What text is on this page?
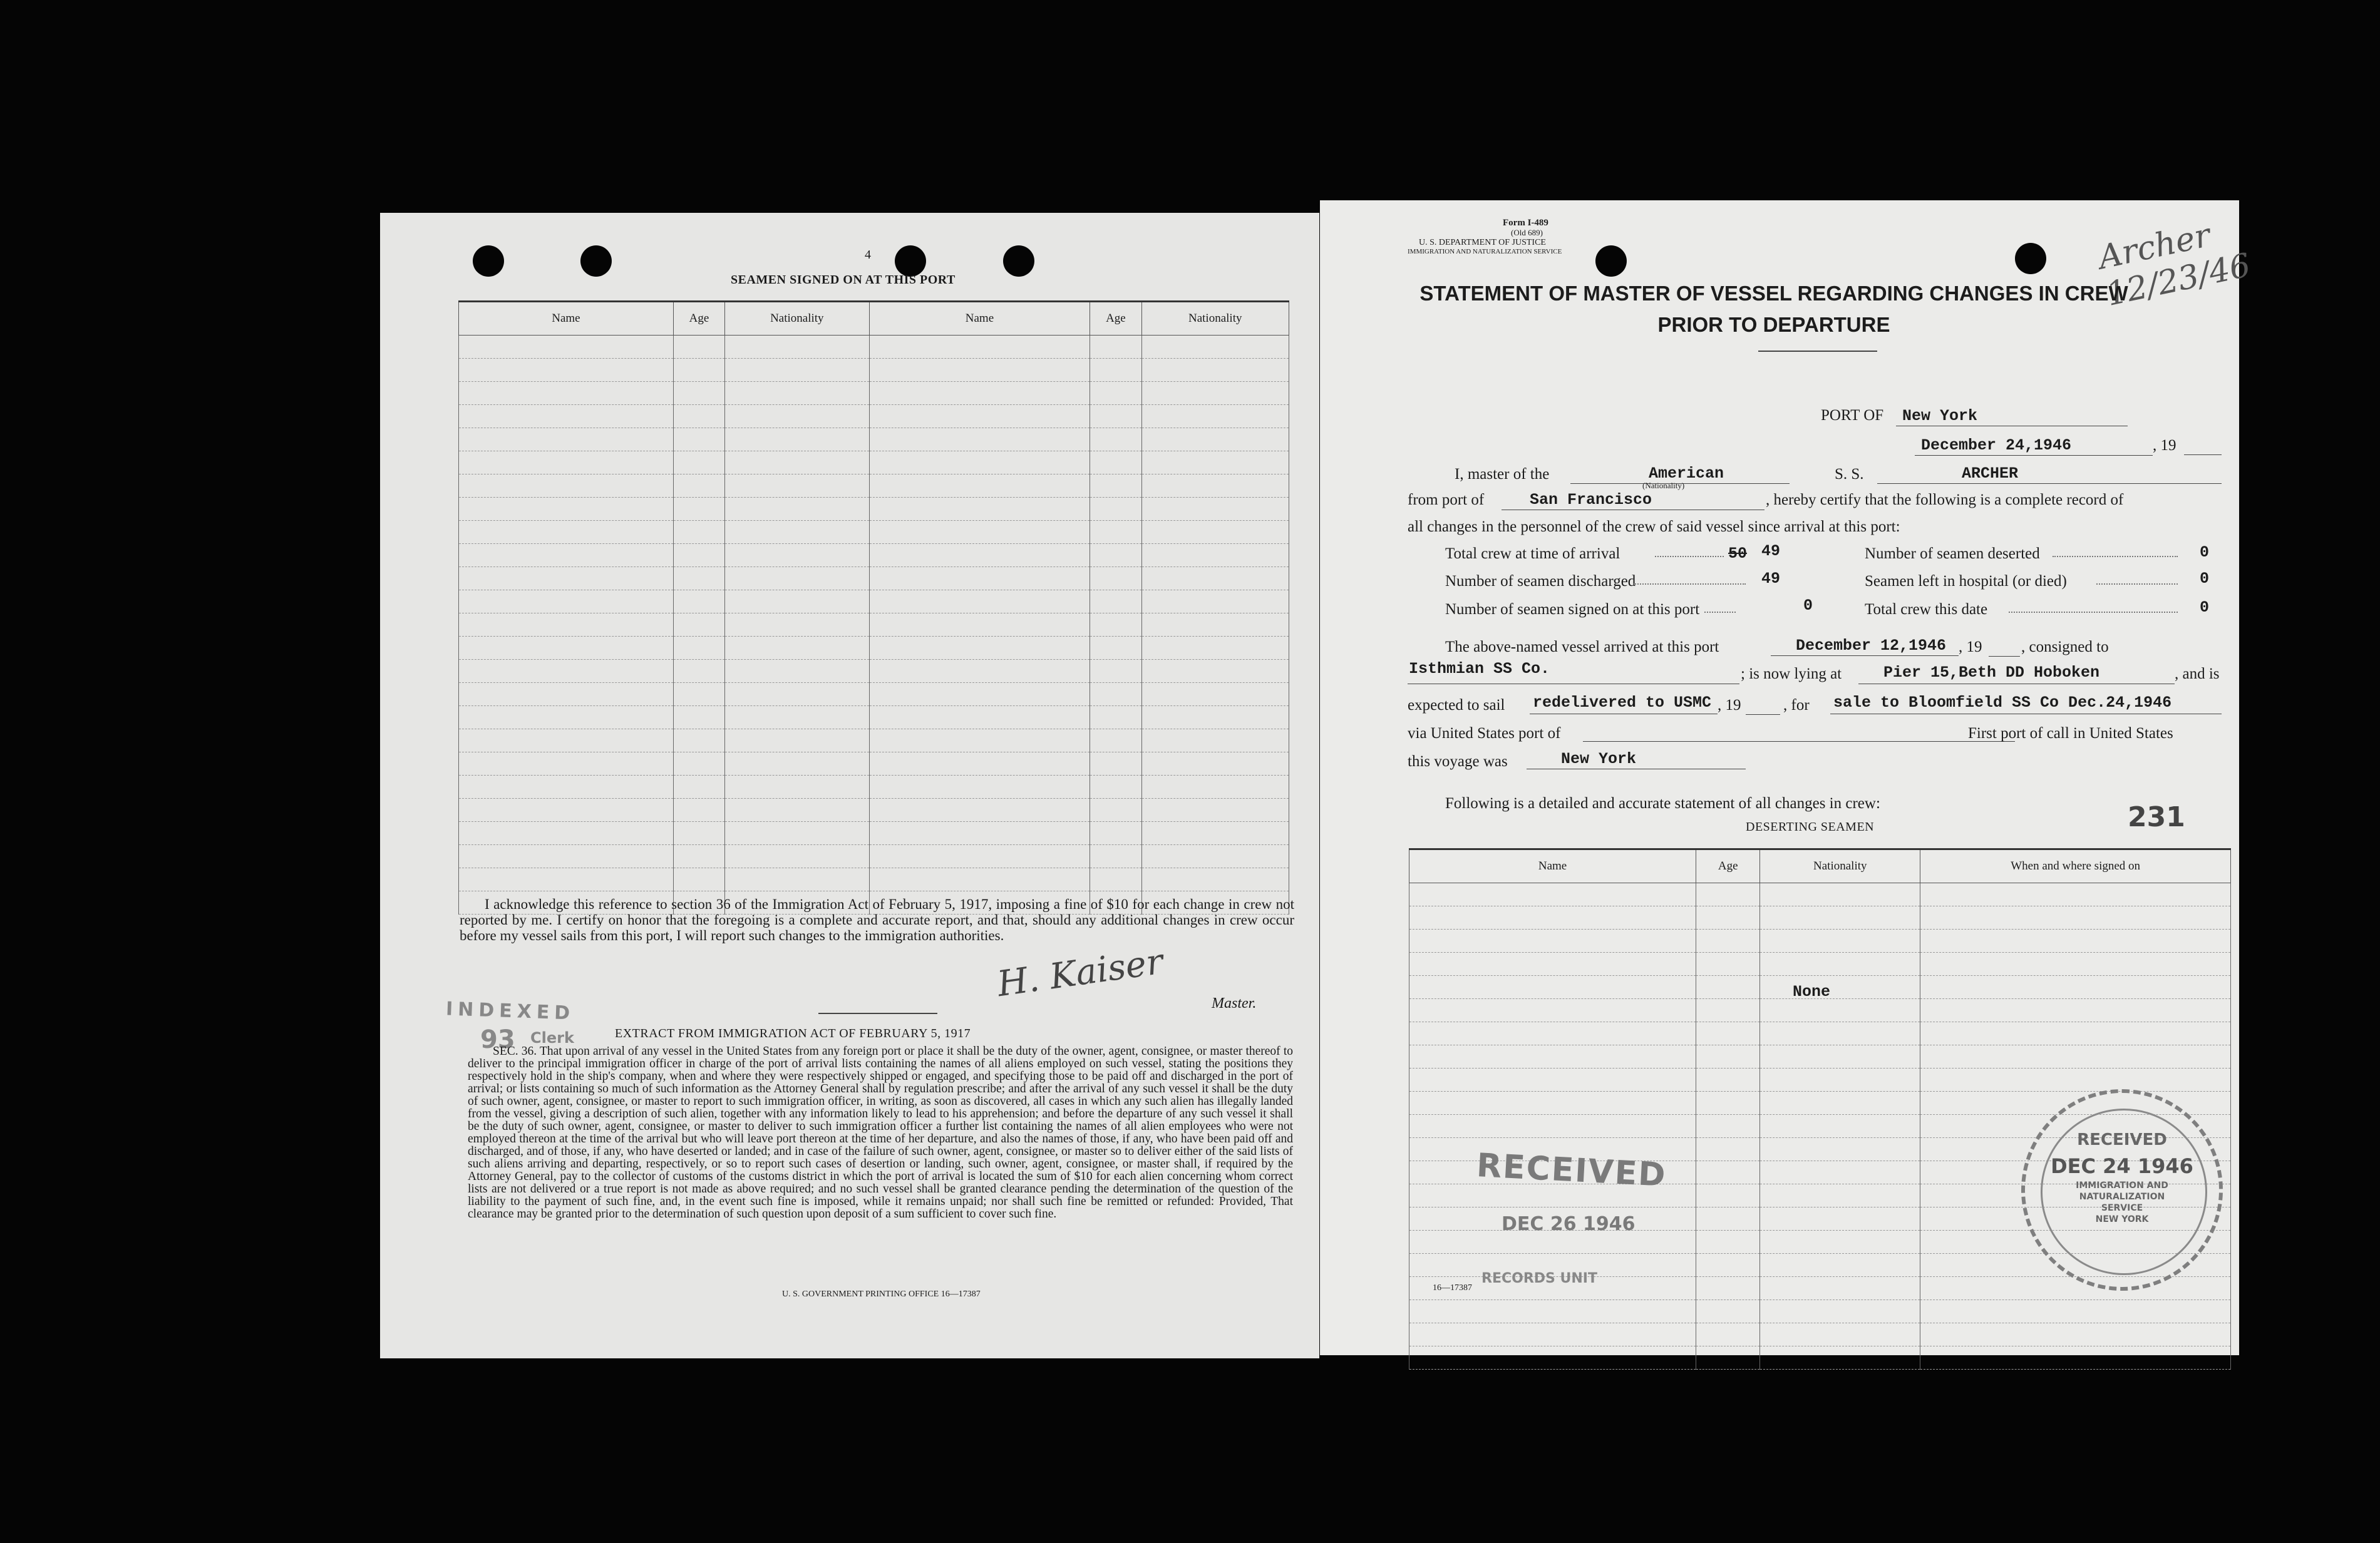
4
SEAMEN SIGNED ON AT THIS PORT
Name	Age	Nationality	Name	Age	Nationality

I acknowledge this reference to section 36 of the Immigration Act of February 5, 1917, imposing a fine of $10 for each change in crew not reported by me. I certify on honor that the foregoing is a complete and accurate report, and that, should any additional changes in crew occur before my vessel sails from this port, I will report such changes to the immigration authorities.
H. Kaiser	Master.
INDEXED
93 Clerk	EXTRACT FROM IMMIGRATION ACT OF FEBRUARY 5, 1917
SEC. 36. That upon arrival of any vessel in the United States from any foreign port or place it shall be the duty of the owner, agent, consignee, or master thereof to deliver to the principal immigration officer in charge of the port of arrival lists containing the names of all aliens employed on such vessel, stating the positions they respectively hold in the ship's company, when and where they were respectively shipped or engaged, and specifying those to be paid off and discharged in the port of arrival; or lists containing so much of such information as the Attorney General shall by regulation prescribe; and after the arrival of any such vessel it shall be the duty of such owner, agent, consignee, or master to report to such immigration officer, in writing, as soon as discovered, all cases in which any such alien has illegally landed from the vessel, giving a description of such alien, together with any information likely to lead to his apprehension; and before the departure of any such vessel it shall be the duty of such owner, agent, consignee, or master to deliver to such immigration officer a further list containing the names of all alien employees who were not employed thereon at the time of the arrival but who will leave port thereon at the time of her departure, and also the names of those, if any, who have been paid off and discharged, and of those, if any, who have deserted or landed; and in case of the failure of such owner, agent, consignee, or master so to deliver either of the said lists of such aliens arriving and departing, respectively, or so to report such cases of desertion or landing, such owner, agent, consignee, or master shall, if required by the Attorney General, pay to the collector of customs of the customs district in which the port of arrival is located the sum of $10 for each alien concerning whom correct lists are not delivered or a true report is not made as above required; and no such vessel shall be granted clearance pending the determination of the question of the liability to the payment of such fine, and, in the event such fine is imposed, while it remains unpaid; nor shall such fine be remitted or refunded: Provided, That clearance may be granted prior to the determination of such question upon deposit of a sum sufficient to cover such fine.
U. S. GOVERNMENT PRINTING OFFICE 16—17387
Form I-489
(Old 689)
U. S. DEPARTMENT OF JUSTICE
IMMIGRATION AND NATURALIZATION SERVICE	Archer 12/23/46
STATEMENT OF MASTER OF VESSEL REGARDING CHANGES IN CREW
PRIOR TO DEPARTURE
PORT OF New York
December 24,1946	, 19
I, master of the	American
(Nationality)
S. S.	ARCHER
from port of	San Francisco	, hereby certify that the following is a complete record of
all changes in the personnel of the crew of said vessel since arrival at this port:
Total crew at time of arrival	50 49	Number of seamen deserted	0
Number of seamen discharged	49	Seamen left in hospital (or died)	0
Number of seamen signed on at this port	0	Total crew this date	0
The above-named vessel arrived at this port	December 12,1946 , 19	, consigned to
Isthmian SS Co.	; is now lying at	Pier 15,Beth DD Hoboken	, and is
expected to sail redelivered to USMC , 19	, for sale to Bloomfield SS Co Dec.24,1946
via United States port of	First port of call in United States
this voyage was	New York
Following is a detailed and accurate statement of all changes in crew:
DESERTING SEAMEN	231
Name	Age	Nationality	When and where signed on

None
RECEIVED
DEC 26 1946
RECORDS UNIT
RECEIVED
DEC 24 1946
IMMIGRATION AND
NATURALIZATION
SERVICE
NEW YORK
16—17387
